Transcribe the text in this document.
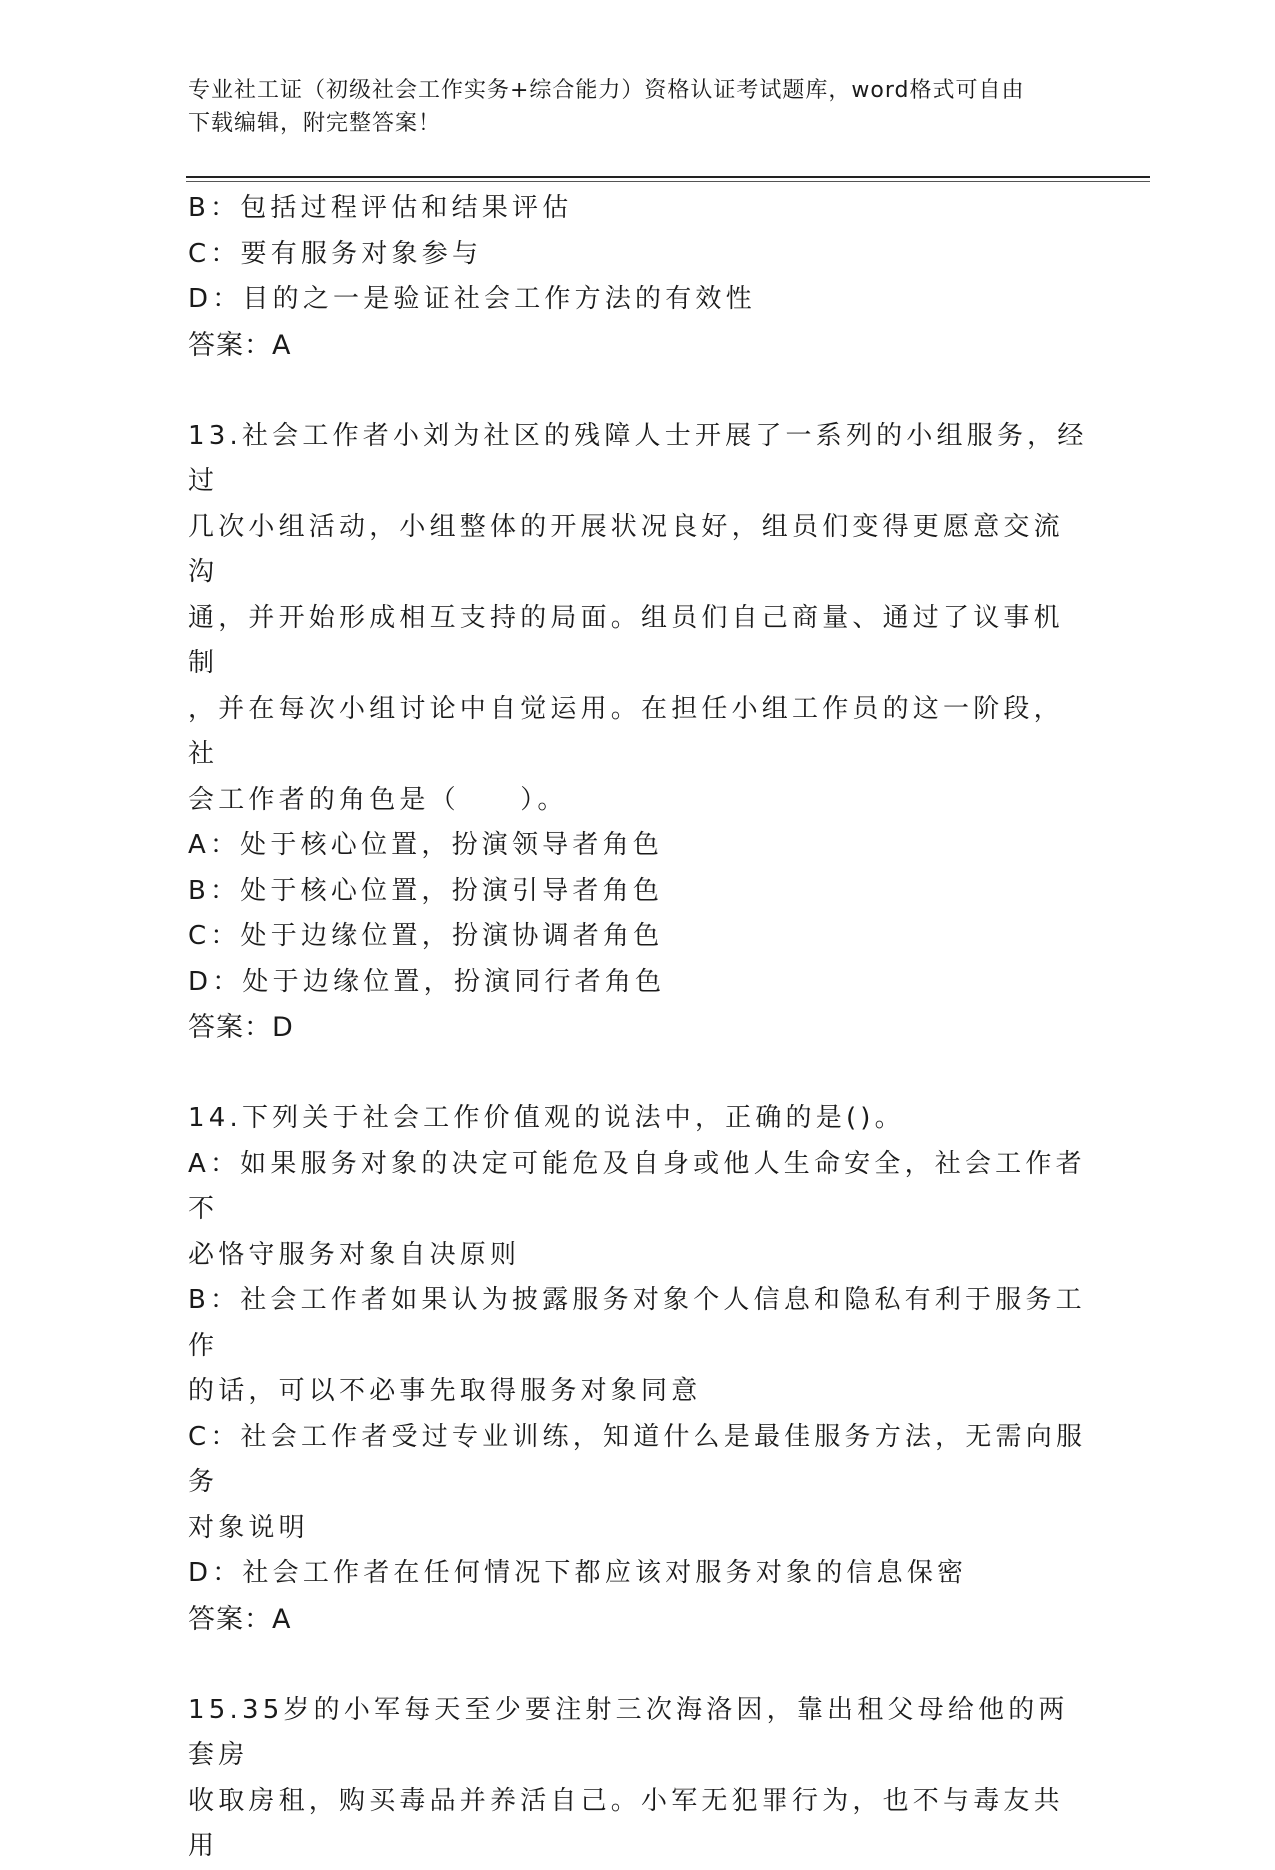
专业社工证（初级社会工作实务+综合能力）资格认证考试题库，word格式可自由
下载编辑，附完整答案！
B：包括过程评估和结果评估
C：要有服务对象参与
D：目的之一是验证社会工作方法的有效性
答案：A
13.社会工作者小刘为社区的残障人士开展了一系列的小组服务，经过
几次小组活动，小组整体的开展状况良好，组员们变得更愿意交流沟
通，并开始形成相互支持的局面。组员们自己商量、通过了议事机制
，并在每次小组讨论中自觉运用。在担任小组工作员的这一阶段，社
会工作者的角色是（　　）。
A：处于核心位置，扮演领导者角色
B：处于核心位置，扮演引导者角色
C：处于边缘位置，扮演协调者角色
D：处于边缘位置，扮演同行者角色
答案：D
14.下列关于社会工作价值观的说法中，正确的是()。
A：如果服务对象的决定可能危及自身或他人生命安全，社会工作者不
必恪守服务对象自决原则
B：社会工作者如果认为披露服务对象个人信息和隐私有利于服务工作
的话，可以不必事先取得服务对象同意
C：社会工作者受过专业训练，知道什么是最佳服务方法，无需向服务
对象说明
D：社会工作者在任何情况下都应该对服务对象的信息保密
答案：A
15.35岁的小军每天至少要注射三次海洛因，靠出租父母给他的两套房
收取房租，购买毒品并养活自己。小军无犯罪行为，也不与毒友共用
